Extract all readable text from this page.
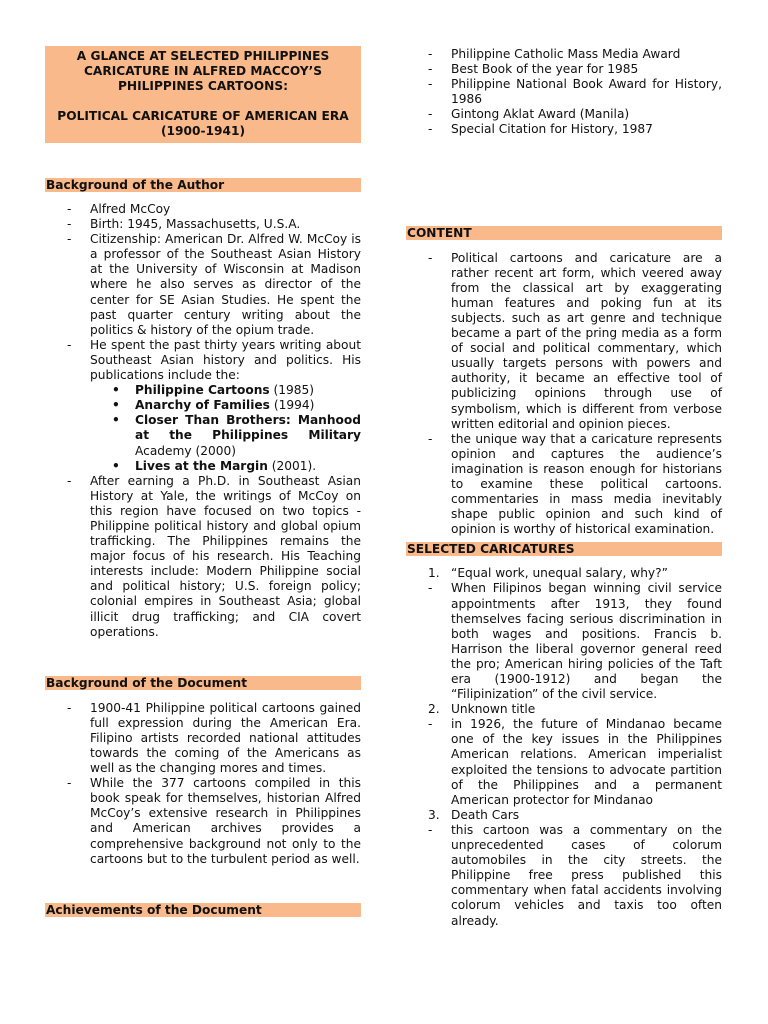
A GLANCE AT SELECTED PHILIPPINES CARICATURE IN ALFRED MACCOY’S PHILIPPINES CARTOONS:
POLITICAL CARICATURE OF AMERICAN ERA (1900-1941)
Background of the Author
- Alfred McCoy
- Birth: 1945, Massachusetts, U.S.A.
- Citizenship: American Dr. Alfred W. McCoy is a professor of the Southeast Asian History at the University of Wisconsin at Madison where he also serves as director of the center for SE Asian Studies. He spent the past quarter century writing about the politics & history of the opium trade.
- He spent the past thirty years writing about Southeast Asian history and politics. His publications include the:
• Philippine Cartoons (1985)
• Anarchy of Families (1994)
• Closer Than Brothers: Manhood at the Philippines Military Academy (2000)
• Lives at the Margin (2001).
- After earning a Ph.D. in Southeast Asian History at Yale, the writings of McCoy on this region have focused on two topics - Philippine political history and global opium trafficking. The Philippines remains the major focus of his research. His Teaching interests include: Modern Philippine social and political history; U.S. foreign policy; colonial empires in Southeast Asia; global illicit drug trafficking; and CIA covert operations.
Background of the Document
- 1900-41 Philippine political cartoons gained full expression during the American Era. Filipino artists recorded national attitudes towards the coming of the Americans as well as the changing mores and times.
- While the 377 cartoons compiled in this book speak for themselves, historian Alfred McCoy’s extensive research in Philippines and American archives provides a comprehensive background not only to the cartoons but to the turbulent period as well.
Achievements of the Document
- Philippine Catholic Mass Media Award
- Best Book of the year for 1985
- Philippine National Book Award for History, 1986
- Gintong Aklat Award (Manila)
- Special Citation for History, 1987
CONTENT
- Political cartoons and caricature are a rather recent art form, which veered away from the classical art by exaggerating human features and poking fun at its subjects. such as art genre and technique became a part of the pring media as a form of social and political commentary, which usually targets persons with powers and authority, it became an effective tool of publicizing opinions through use of symbolism, which is different from verbose written editorial and opinion pieces.
- the unique way that a caricature represents opinion and captures the audience’s imagination is reason enough for historians to examine these political cartoons. commentaries in mass media inevitably shape public opinion and such kind of opinion is worthy of historical examination.
SELECTED CARICATURES
1. “Equal work, unequal salary, why?”
- When Filipinos began winning civil service appointments after 1913, they found themselves facing serious discrimination in both wages and positions. Francis b. Harrison the liberal governor general reed the pro; American hiring policies of the Taft era (1900-1912) and began the “Filipinization” of the civil service.
2. Unknown title
- in 1926, the future of Mindanao became one of the key issues in the Philippines American relations. American imperialist exploited the tensions to advocate partition of the Philippines and a permanent American protector for Mindanao
3. Death Cars
- this cartoon was a commentary on the unprecedented cases of colorum automobiles in the city streets. the Philippine free press published this commentary when fatal accidents involving colorum vehicles and taxis too often already.
